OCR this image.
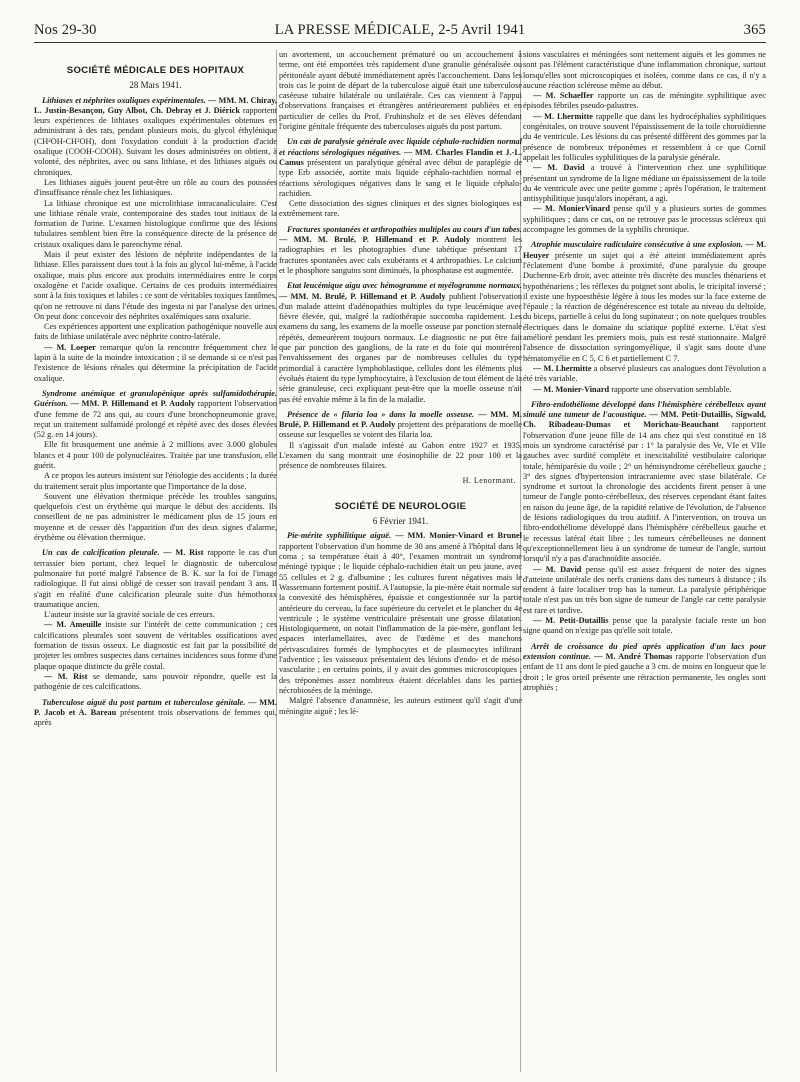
Nos 29-30	LA PRESSE MÉDICALE, 2-5 Avril 1941	365
SOCIÉTÉ MÉDICALE DES HOPITAUX
28 Mars 1941.

Lithiases et néphrites oxaliques expérimentales. — MM. M. Chiray, L. Justin-Besançon, Guy Albot, Ch. Debray et J. Diérick rapportent leurs expériences de lithiases oxaliques expérimentales obtenues en administrant à des rats, pendant plusieurs mois, du glycol éthylénique (CH²OH-CH²OH), dont l'oxydation conduit à la production d'acide oxalique (COOH-COOH). Suivant les doses administrées on obtient, à volonté, des néphrites, avec ou sans lithiase, et des lithiases aiguës ou chroniques.

Les lithiases aiguës jouent peut-être un rôle au cours des poussées d'insuffisance rénale chez les lithiasiques.

La lithiase chronique est une microlithiase intracanaliculaire. C'est une lithiase rénale vraie, contemporaine des stades tout initiaux de la formation de l'urine. L'examen histologique confirme que des lésions tubulaires semblent bien être la conséquence directe de la présence de cristaux oxaliques dans le parenchyme rénal.

Mais il peut exister des lésions de néphrite indépendantes de la lithiase. Elles paraissent dues tout à la fois au glycol lui-même, à l'acide oxalique, mais plus encore aux produits intermédiaires entre le corps oxalogène et l'acide oxalique. Certains de ces produits intermédiaires sont à la fois toxiques et labiles : ce sont de véritables toxiques fantômes, qu'on ne retrouve ni dans l'étude des ingesta ni par l'analyse des urines. On peut donc concevoir des néphrites oxalémiques sans oxalurie.

Ces expériences apportent une explication pathogénique nouvelle aux faits de lithiase unilatérale avec néphrite contro-latérale.

— M. Loeper remarque qu'on la rencontre fréquemment chez le lapin à la suite de la moindre intoxication ; il se demande si ce n'est pas l'existence de lésions rénales qui détermine la précipitation de l'acide oxalique.

Syndrome anémique et granulopénique après sulfamidothérapie. Guérison. — MM. P. Hillemand et P. Audoly rapportent l'observation d'une femme de 72 ans qui, au cours d'une bronchopneumonie grave, reçut un traitement sulfamidé prolongé et répété avec des doses élevées (52 g. en 14 jours).

Elle fit brusquement une anémie à 2 millions avec 3.000 globules blancs et 4 pour 100 de polynucléaires. Traitée par une transfusion, elle guérit.

A ce propos les auteurs insistent sur l'étiologie des accidents ; la durée du traitement serait plus importante que l'importance de la dose.

Souvent une élévation thermique précède les troubles sanguins, quelquefois c'est un érythème qui marque le début des accidents. Ils conseillent de ne pas administrer le médicament plus de 15 jours en moyenne et de cesser dès l'apparition d'un des deux signes d'alarme, érythème ou élévation thermique.

Un cas de calcification pleurale. — M. Rist rapporte le cas d'un terrassier bien portant, chez lequel le diagnostic de tuberculose pulmonaire fut porté malgré l'absence de B. K. sur la foi de l'image radiologique. Il fut ainsi obligé de cesser son travail pendant 3 ans. Il s'agit en réalité d'une calcification pleurale suite d'un hémothorax traumatique ancien.

L'auteur insiste sur la gravité sociale de ces erreurs.

— M. Ameuille insiste sur l'intérêt de cette communication ; ces calcifications pleurales sont souvent de véritables ossifications avec formation de tissus osseux. Le diagnostic est fait par la possibilité de projeter les ombres suspectes dans certaines incidences sous forme d'une plaque opaque distincte du grêle costal.

— M. Rist se demande, sans pouvoir répondre, quelle est la pathogénie de ces calcifications.

Tuberculose aiguë du post partum et tuberculose génitale. — MM. P. Jacob et A. Bareau présentent trois observations de femmes qui, après

un avortement, un accouchement prématuré ou un accouchement à terme, ont été emportées très rapidement d'une granulie généralisée ou péritonéale ayant débuté immédiatement après l'accouchement. Dans les trois cas le point de départ de la tuberculose aiguë était une tuberculose caséeuse tubaire bilatérale ou unilatérale. Ces cas viennent à l'appui d'observations françaises et étrangères antérieurement publiées et en particulier de celles du Prof. Fruhinsholz et de ses élèves défendant l'origine génitale fréquente des tuberculoses aiguës du post partum.

Un cas de paralysie générale avec liquide céphalo-rachidien normal et réactions sérologiques négatives. — MM. Charles Flandin et J.-L. Camus présentent un paralytique général avec début de paraplégie de type Erb associée, aortite mais liquide céphalo-rachidien normal et réactions sérologiques négatives dans le sang et le liquide céphalo-rachidien.

Cette dissociation des signes cliniques et des signes biologiques est extrêmement rare.

Fractures spontanées et arthropathies multiples au cours d'un tabes. — MM. M. Brulé, P. Hillemand et P. Audoly montrent les radiographies et les photographies d'une tabétique présentant 17 fractures spontanées avec cals exubérants et 4 arthropathies. Le calcium et le phosphore sanguins sont diminués, la phosphatase est augmentée.

Etat leucémique aigu avec hémogramme et myélogramme normaux. — MM. M. Brulé, P. Hillemand et P. Audoly publient l'observation d'un malade atteint d'adénopathies multiples du type leucémique avec fièvre élevée, qui, malgré la radiothérapie succomba rapidement. Les examens du sang, les examens de la moelle osseuse par ponction sternale répétés, demeurèrent toujours normaux. Le diagnostic ne put être fait que par ponction des ganglions, de la rate et du foie qui montrèrent l'envahissement des organes par de nombreuses cellules du type primordial à caractère lymphoblastique, cellules dont les éléments plus évolués étaient du type lymphocytaire, à l'exclusion de tout élément de la série granuleuse, ceci expliquant peut-être que la moelle osseuse n'ait pas été envahie même à la fin de la maladie.

Présence de « filaria loa » dans la moelle osseuse. — MM. M. Brulé, P. Hillemand et P. Audoly projettent des préparations de moelle osseuse sur lesquelles se voient des filaria loa.

Il s'agissait d'un malade infesté au Gabon entre 1927 et 1935. L'examen du sang montrait une éosinophilie de 22 pour 100 et la présence de nombreuses filaires.

H. Lenormant.

SOCIÉTÉ DE NEUROLOGIE
6 Février 1941.

Pie-mérite syphilitique aiguë. — MM. Monier-Vinard et Brunel rapportent l'observation d'un homme de 30 ans amené à l'hôpital dans le coma ; sa température était à 40°, l'examen montrait un syndrome méningé typique ; le liquide céphalo-rachidien était un peu jaune, avec 55 cellules et 2 g. d'albumine ; les cultures furent négatives mais le Wassermann fortement positif. A l'autopsie, la pie-mère était normale sur la convexité des hémisphères, épaissie et congestionnée sur la partie antérieure du cerveau, la face supérieure du cervelet et le plancher du 4e ventricule ; le système ventriculaire présentait une grosse dilatation. Histologiquement, on notait l'inflammation de la pie-mère, gonflant les espaces interlamellaires, avec de l'œdème et des manchons périvasculaires formés de lymphocytes et de plasmocytes infiltrant l'adventice ; les vaisseaux présentaient des lésions d'endo- et de méso-vascularite ; en certains points, il y avait des gommes microscopiques ; des tréponèmes assez nombreux étaient décelables dans les parties nécrobiosées de la méninge.

Malgré l'absence d'anamnèse, les auteurs estiment qu'il s'agit d'une méningite aiguë ; les lé-

sions vasculaires et méningées sont nettement aiguës et les gommes ne sont pas l'élément caractéristique d'une inflammation chronique, surtout lorsqu'elles sont microscopiques et isolées, comme dans ce cas, il n'y a aucune réaction scléreuse même au début.

— M. Schaeffer rapporte un cas de méningite syphilitique avec épisodes fébriles pseudo-palustres.

— M. Lhermitte rappelle que dans les hydrocéphalies syphilitiques congénitales, on trouve souvent l'épaississement de la toile choroïdienne du 4e ventricule. Les lésions du cas présenté diffèrent des gommes par la présence de nombreux tréponèmes et ressemblent à ce que Cornil appelait les follicules syphilitiques de la paralysie générale.

— M. David a trouvé à l'intervention chez une syphilitique présentant un syndrome de la ligne médiane un épaississement de la toile du 4e ventricule avec une petite gomme ; après l'opération, le traitement antisyphilitique jusqu'alors inopérant, a agi.

— M. MonierVinard pense qu'il y a plusieurs sortes de gommes syphilitiques ; dans ce cas, on ne retrouve pas le processus scléreux qui accompagne les gommes de la syphilis chronique.

Atrophie musculaire radiculaire consécutive à une explosion. — M. Heuyer présente un sujet qui a été atteint immédiatement après l'éclatement d'une bombe à proximité, d'une paralysie du groupe Duchenne-Erb droit, avec atteinte très discrète des muscles thénariens et hypothénariens ; les réflexes du poignet sont abolis, le tricipital inversé ; il existe une hypoesthésie légère à tous les modes sur la face externe de l'épaule ; la réaction de dégénérescence est totale au niveau du deltoïde, du biceps, partielle à celui du long supinateur ; on note quelques troubles électriques dans le domaine du sciatique poplité externe. L'état s'est amélioré pendant les premiers mois, puis est resté stationnaire. Malgré l'absence de dissociation syringomyélique, il s'agit sans doute d'une hématomyélie en C 5, C 6 et partiellement C 7.

— M. Lhermitte a observé plusieurs cas analogues dont l'évolution a été très variable.

— M. Monier-Vinard rapporte une observation semblable.

Fibro-endothéliome développé dans l'hémisphère cérébelleux ayant simulé une tumeur de l'acoustique. — MM. Petit-Dutaillis, Sigwald, Ch. Ribadeau-Dumas et Morichau-Beauchant rapportent l'observation d'une jeune fille de 14 ans chez qui s'est constitué en 18 mois un syndrome caractérisé par : 1° la paralysie des Ve, VIe et VIIe gauches avec surdité complète et inexcitabilité vestibulaire calorique totale, hémiparésie du voile ; 2° un hémisyndrome cérébelleux gauche ; 3° des signes d'hypertension intracranienne avec stase bilatérale. Ce syndrome et surtout la chronologie des accidents firent penser à une tumeur de l'angle ponto-cérébelleux, des réserves cependant étant faites en raison du jeune âge, de la rapidité relative de l'évolution, de l'absence de lésions radiologiques du trou auditif. A l'intervention, on trouva un fibro-endothéliome développé dans l'hémisphère cérébelleux gauche et le recessus latéral était libre ; les tumeurs cérébelleuses ne donnent qu'exceptionnellement lieu à un syndrome de tumeur de l'angle, surtout lorsqu'il n'y a pas d'arachnoïdite associée.

— M. David pense qu'il est assez fréquent de noter des signes d'atteinte unilatérale des nerfs craniens dans des tumeurs à distance ; ils tendent à faire localiser trop bas la tumeur. La paralysie périphérique totale n'est pas un très bon signe de tumeur de l'angle car cette paralysie est rare et tardive.

— M. Petit-Dutaillis pense que la paralysie faciale reste un bon signe quand on n'exige pas qu'elle soit totale.

Arrêt de croissance du pied après application d'un lacs pour extension continue. — M. André Thomas rapporte l'observation d'un enfant de 11 ans dont le pied gauche a 3 cm. de moins en longueur que le droit ; le gros orteil présente une rétraction permanente, les ongles sont atrophiés ;
